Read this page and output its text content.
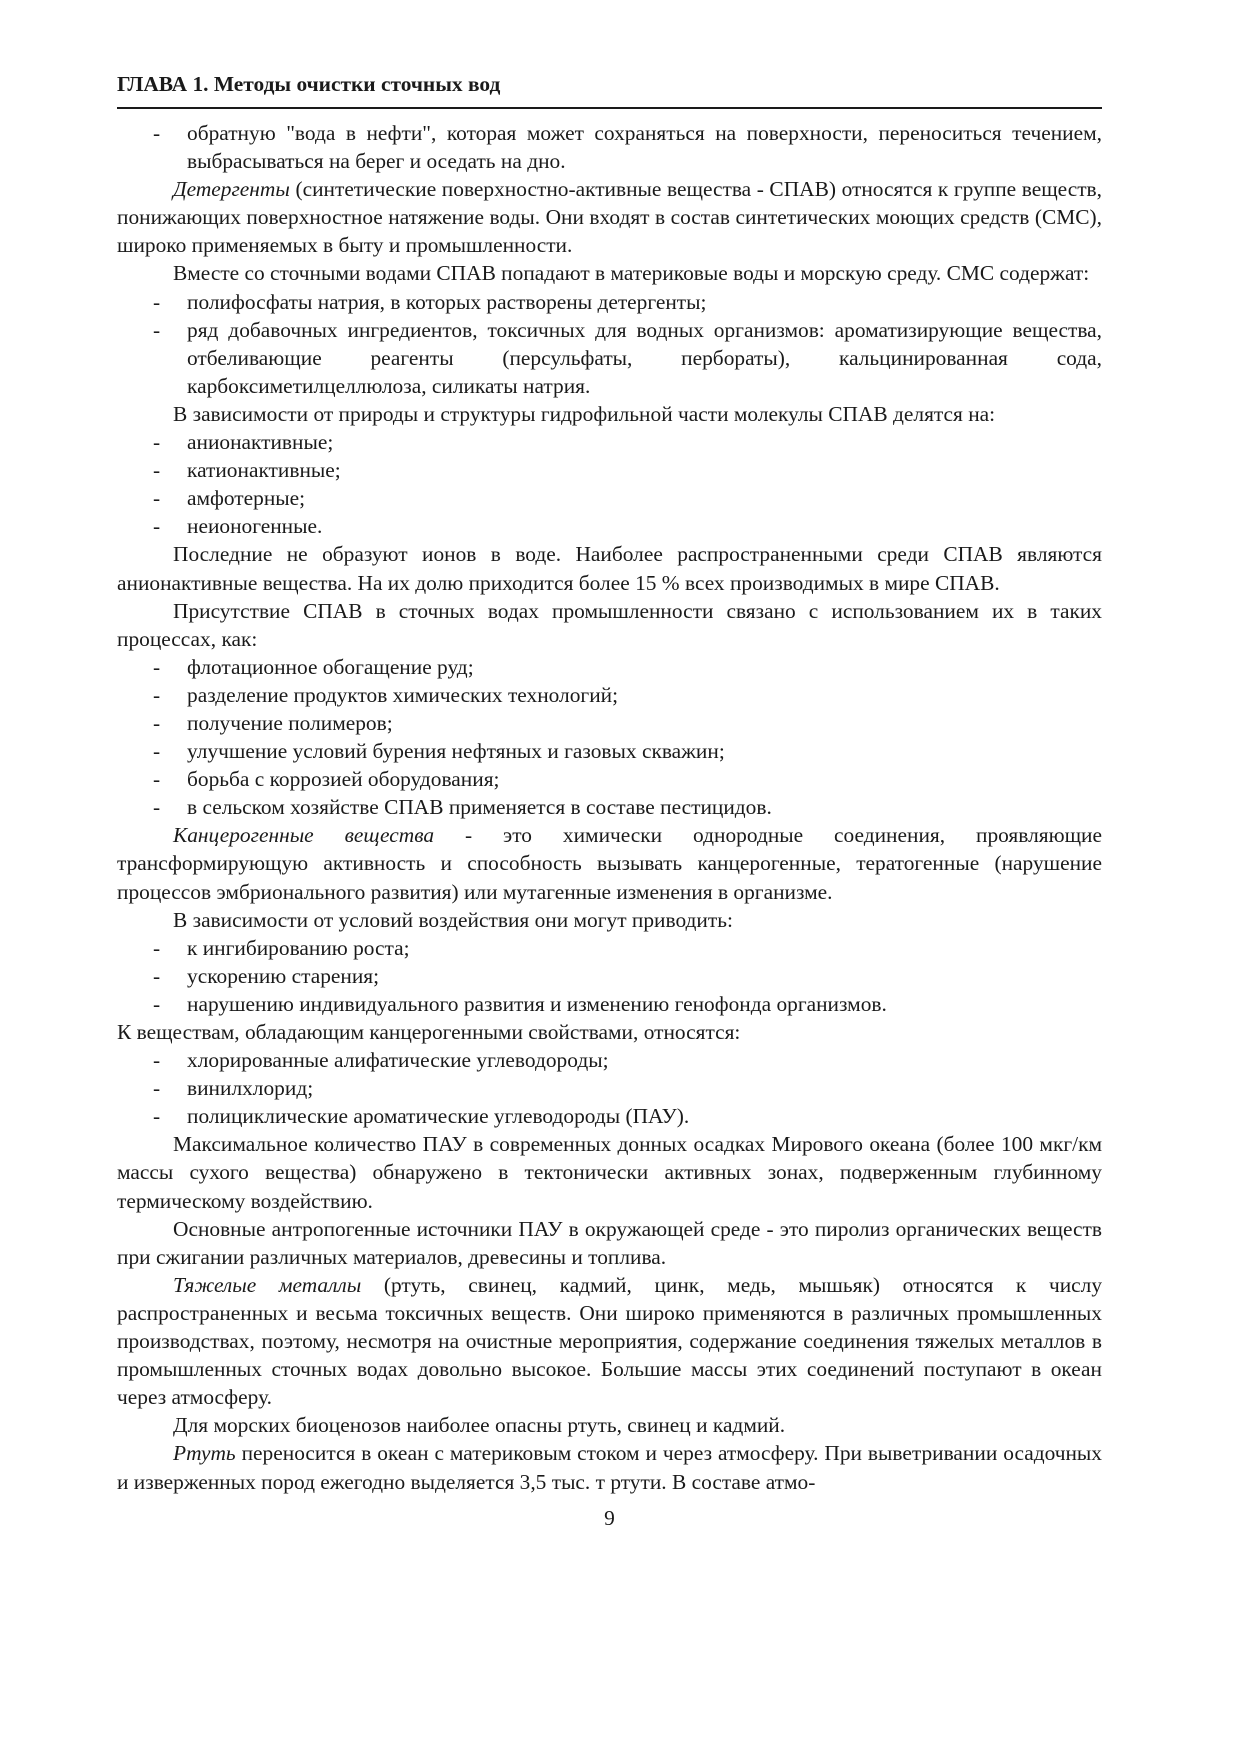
ГЛАВА 1. Методы очистки сточных вод
- обратную "вода в нефти", которая может сохраняться на поверхности, переноситься течением, выбрасываться на берег и оседать на дно.

Детергенты (синтетические поверхностно-активные вещества - СПАВ) относятся к группе веществ, понижающих поверхностное натяжение воды. Они входят в состав синтетических моющих средств (СМС), широко применяемых в быту и промышленности.

Вместе со сточными водами СПАВ попадают в материковые воды и морскую среду. СМС содержат:

- полифосфаты натрия, в которых растворены детергенты;
- ряд добавочных ингредиентов, токсичных для водных организмов: ароматизирующие вещества, отбеливающие реагенты (персульфаты, пербораты), кальцинированная сода, карбоксиметилцеллюлоза, силикаты натрия.

В зависимости от природы и структуры гидрофильной части молекулы СПАВ делятся на:

- анионактивные;
- катионактивные;
- амфотерные;
- неионогенные.

Последние не образуют ионов в воде. Наиболее распространенными среди СПАВ являются анионактивные вещества. На их долю приходится более 15 % всех производимых в мире СПАВ.

Присутствие СПАВ в сточных водах промышленности связано с использованием их в таких процессах, как:

- флотационное обогащение руд;
- разделение продуктов химических технологий;
- получение полимеров;
- улучшение условий бурения нефтяных и газовых скважин;
- борьба с коррозией оборудования;
- в сельском хозяйстве СПАВ применяется в составе пестицидов.

Канцерогенные вещества - это химически однородные соединения, проявляющие трансформирующую активность и способность вызывать канцерогенные, тератогенные (нарушение процессов эмбрионального развития) или мутагенные изменения в организме.

В зависимости от условий воздействия они могут приводить:

- к ингибированию роста;
- ускорению старения;
- нарушению индивидуального развития и изменению генофонда организмов.

К веществам, обладающим канцерогенными свойствами, относятся:

- хлорированные алифатические углеводороды;
- винилхлорид;
- полициклические ароматические углеводороды (ПАУ).

Максимальное количество ПАУ в современных донных осадках Мирового океана (более 100 мкг/км массы сухого вещества) обнаружено в тектонически активных зонах, подверженным глубинному термическому воздействию.

Основные антропогенные источники ПАУ в окружающей среде - это пиролиз органических веществ при сжигании различных материалов, древесины и топлива.

Тяжелые металлы (ртуть, свинец, кадмий, цинк, медь, мышьяк) относятся к числу распространенных и весьма токсичных веществ. Они широко применяются в различных промышленных производствах, поэтому, несмотря на очистные мероприятия, содержание соединения тяжелых металлов в промышленных сточных водах довольно высокое. Большие массы этих соединений поступают в океан через атмосферу.

Для морских биоценозов наиболее опасны ртуть, свинец и кадмий.

Ртуть переносится в океан с материковым стоком и через атмосферу. При выветривании осадочных и изверженных пород ежегодно выделяется 3,5 тыс. т ртути. В составе атмо-

9
